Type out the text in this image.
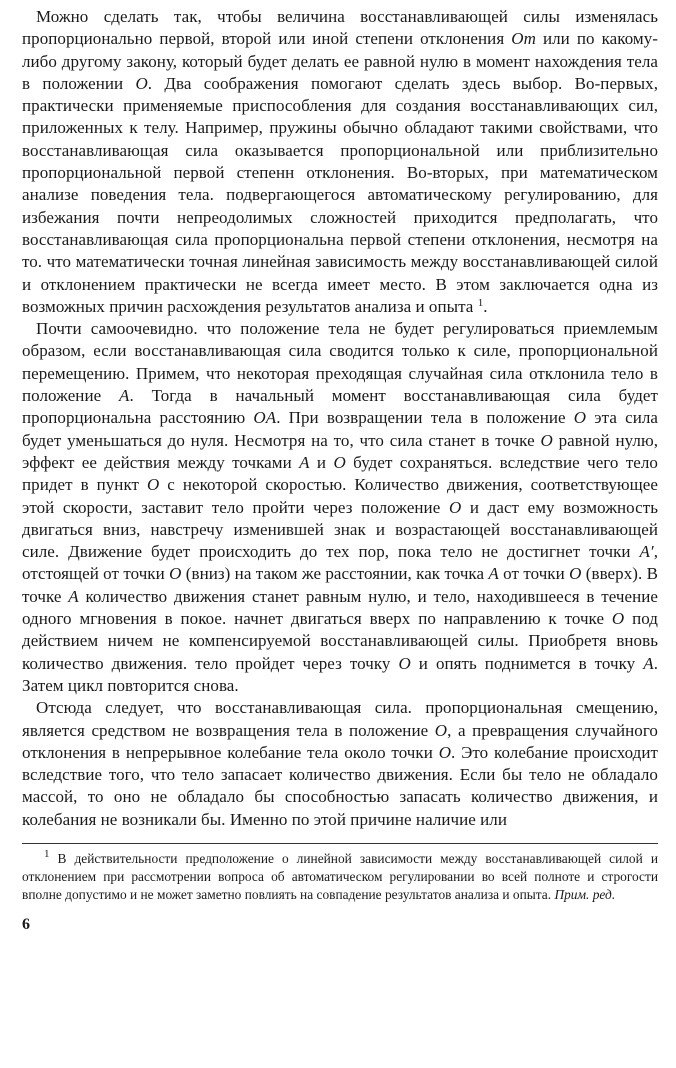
Можно сделать так, чтобы величина восстанавливающей силы изменялась пропорционально первой, второй или иной степени отклонения Om или по какому-либо другому закону, который будет делать ее равной нулю в момент нахождения тела в положении O. Два соображения помогают сделать здесь выбор. Во-первых, практически применяемые приспособления для создания восстанавливающих сил, приложенных к телу. Например, пружины обычно обладают такими свойствами, что восстанавливающая сила оказывается пропорциональной или приблизительно пропорциональной первой степенн отклонения. Во-вторых, при математическом анализе поведения тела. подвергающегося автоматическому регулированию, для избежания почти непреодолимых сложностей приходится предполагать, что восстанавливающая сила пропорциональна первой степени отклонения, несмотря на то. что математически точная линейная зависимость между восстанавливающей силой и отклонением практически не всегда имеет место. В этом заключается одна из возможных причин расхождения результатов анализа и опыта $^1$.

Почти самоочевидно. что положение тела не будет регулироваться приемлемым образом, если восстанавливающая сила сводится только к силе, пропорциональной перемещению. Примем, что некоторая преходящая случайная сила отклонила тело в положение A. Тогда в начальный момент восстанавливающая сила будет пропорциональна расстоянию OA. При возвращении тела в положение O эта сила будет уменьшаться до нуля. Несмотря на то, что сила станет в точке O равной нулю, эффект ее действия между точками A и O будет сохраняться. вследствие чего тело придет в пункт O с некоторой скоростью. Количество движения, соответствующее этой скорости, заставит тело пройти через положение O и даст ему возможность двигаться вниз, навстречу изменившей знак и возрастающей восстанавливающей силе. Движение будет происходить до тех пор, пока тело не достигнет точки A′, отстоящей от точки O (вниз) на таком же расстоянии, как точка A от точки O (вверх). В точке A количество движения станет равным нулю, и тело, находившееся в течение одного мгновения в покое. начнет двигаться вверх по направлению к точке O под действием ничем не компенсируемой восстанавливающей силы. Приобретя вновь количество движения. тело пройдет через точку O и опять поднимется в точку A. Затем цикл повторится снова.

Отсюда следует, что восстанавливающая сила. пропорциональная смещению, является средством не возвращения тела в положение O, а превращения случайного отклонения в непрерывное колебание тела около точки O. Это колебание происходит вследствие того, что тело запасает количество движения. Если бы тело не обладало массой, то оно не обладало бы способностью запасать количество движения, и колебания не возникали бы. Именно по этой причине наличие или

$^1$ В действительности предположение о линейной зависимости между восстанавливающей силой и отклонением при рассмотрении вопроса об автоматическом регулировании во всей полноте и строгости вполне допустимо и не может заметно повлиять на совпадение результатов анализа и опыта. Прим. ред.

6
